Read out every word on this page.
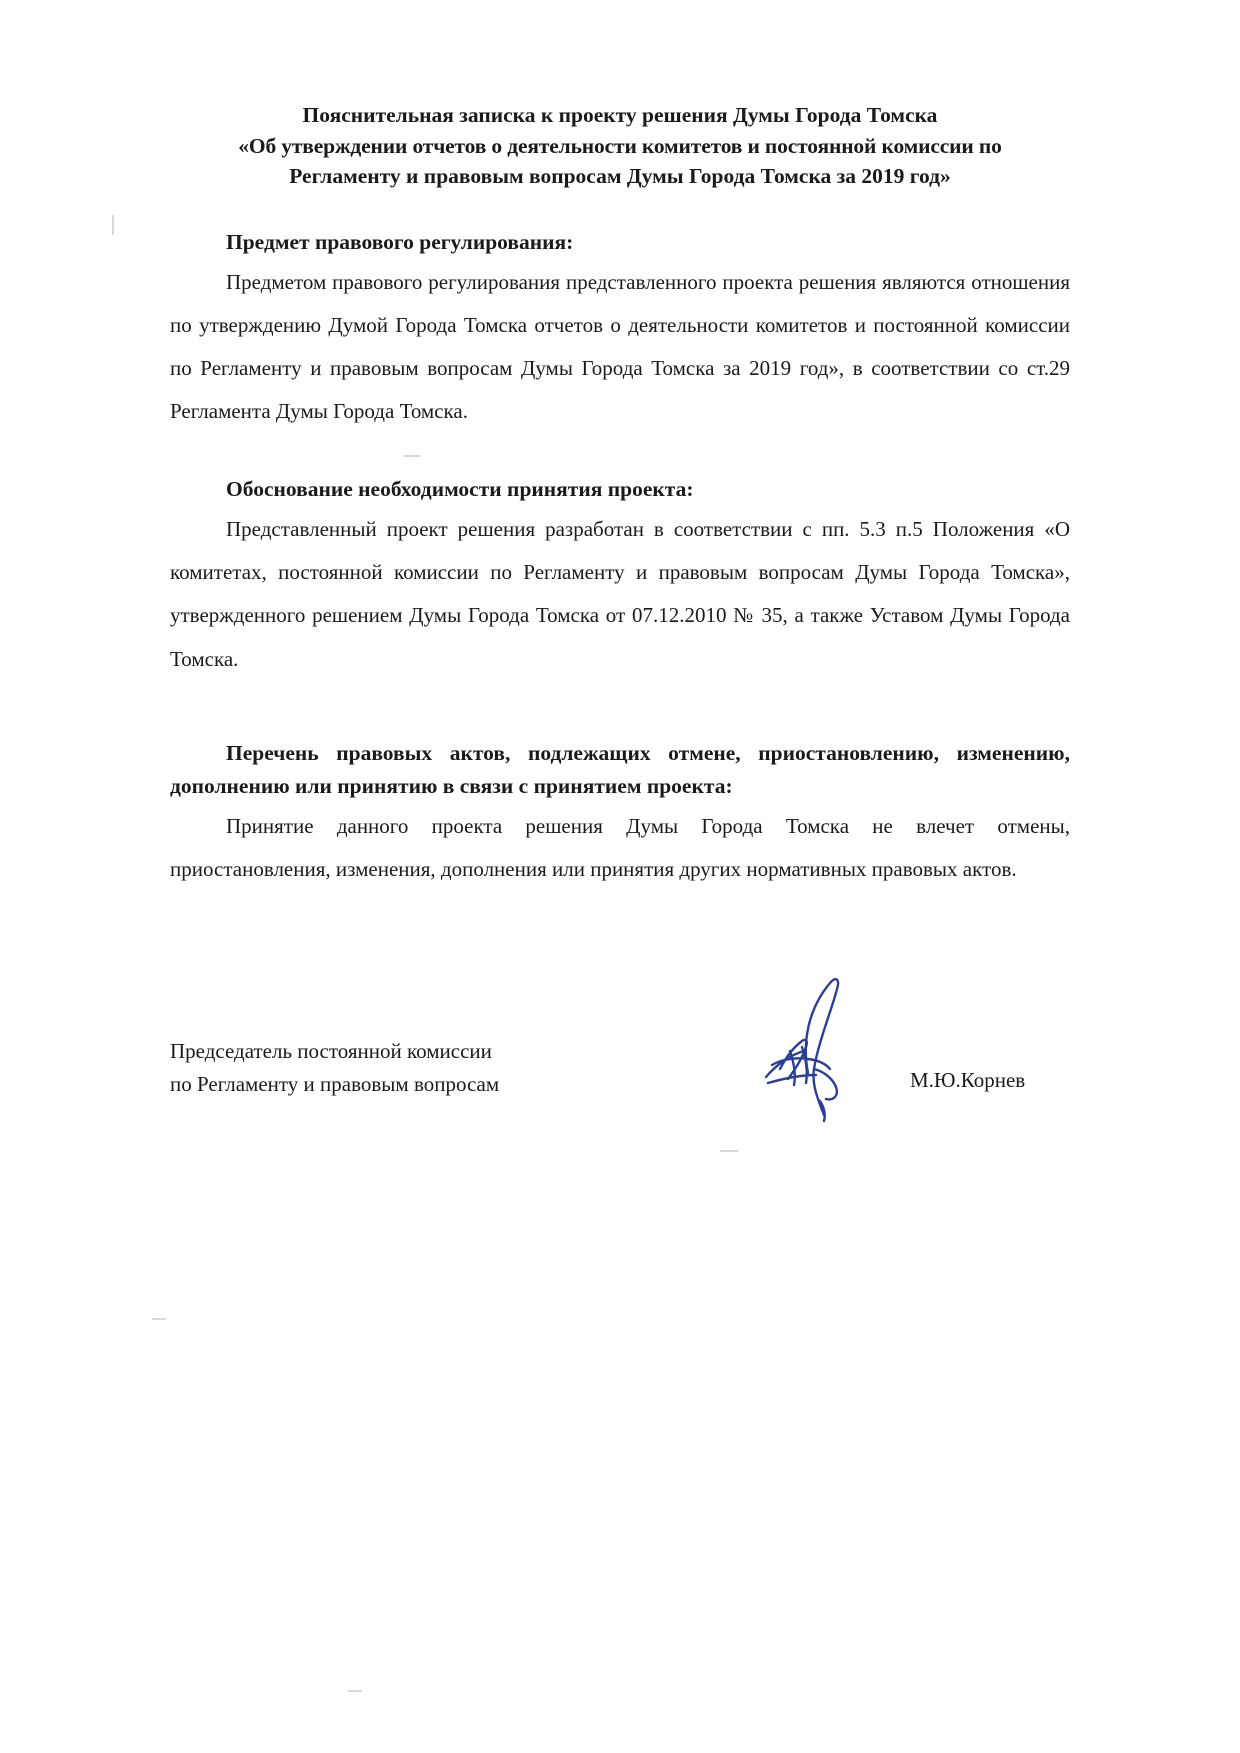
Пояснительная записка к проекту решения Думы Города Томска
«Об утверждении отчетов о деятельности комитетов и постоянной комиссии по
Регламенту и правовым вопросам Думы Города Томска за 2019 год»
Предмет правового регулирования:

Предметом правового регулирования представленного проекта решения являются отношения по утверждению Думой Города Томска отчетов о деятельности комитетов и постоянной комиссии по Регламенту и правовым вопросам Думы Города Томска за 2019 год», в соответствии со ст.29 Регламента Думы Города Томска.

Обоснование необходимости принятия проекта:

Представленный проект решения разработан в соответствии с пп. 5.3 п.5 Положения «О комитетах, постоянной комиссии по Регламенту и правовым вопросам Думы Города Томска», утвержденного решением Думы Города Томска от 07.12.2010 № 35, а также Уставом Думы Города Томска.

Перечень правовых актов, подлежащих отмене, приостановлению, изменению, дополнению или принятию в связи с принятием проекта:

Принятие данного проекта решения Думы Города Томска не влечет отмены, приостановления, изменения, дополнения или принятия других нормативных правовых актов.

Председатель постоянной комиссии
по Регламенту и правовым вопросам	М.Ю.Корнев
